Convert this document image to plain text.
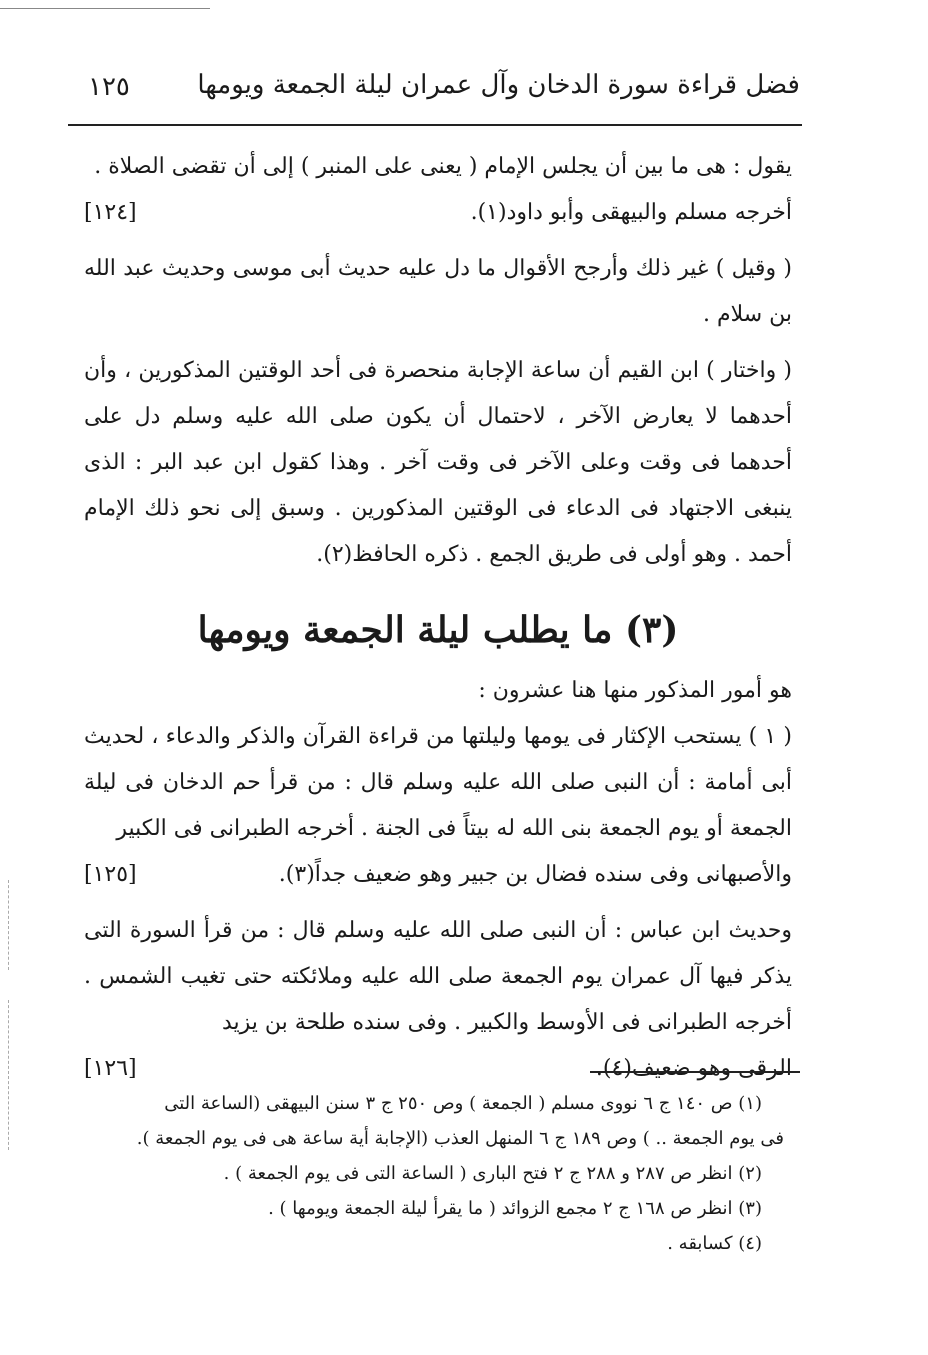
فضل قراءة سورة الدخان وآل عمران ليلة الجمعة ويومها
١٢٥

يقول : هى ما بين أن يجلس الإمام ( يعنى على المنبر ) إلى أن تقضى الصلاة .

أخرجه مسلم والبيهقى وأبو داود(١).
[١٢٤]

( وقيل ) غير ذلك وأرجح الأقوال ما دل عليه حديث أبى موسى وحديث عبد الله بن سلام .

( واختار ) ابن القيم أن ساعة الإجابة منحصرة فى أحد الوقتين المذكورين ، وأن أحدهما لا يعارض الآخر ، لاحتمال أن يكون صلى الله عليه وسلم دل على أحدهما فى وقت وعلى الآخر فى وقت آخر . وهذا كقول ابن عبد البر : الذى ينبغى الاجتهاد فى الدعاء فى الوقتين المذكورين . وسبق إلى نحو ذلك الإمام أحمد . وهو أولى فى طريق الجمع . ذكره الحافظ(٢).

(٣) ما يطلب ليلة الجمعة ويومها

هو أمور المذكور منها هنا عشرون :

( ١ ) يستحب الإكثار فى يومها وليلتها من قراءة القرآن والذكر والدعاء ، لحديث أبى أمامة : أن النبى صلى الله عليه وسلم قال : من قرأ حم الدخان فى ليلة الجمعة أو يوم الجمعة بنى الله له بيتاً فى الجنة . أخرجه الطبرانى فى الكبير

والأصبهانى وفى سنده فضال بن جبير وهو ضعيف جداً(٣).
[١٢٥]

وحديث ابن عباس : أن النبى صلى الله عليه وسلم قال : من قرأ السورة التى يذكر فيها آل عمران يوم الجمعة صلى الله عليه وملائكته حتى تغيب الشمس . أخرجه الطبرانى فى الأوسط والكبير . وفى سنده طلحة بن يزيد

الرقى وهو ضعيف(٤).
[١٢٦]

(١) ص ١٤٠ ج ٦ نووى مسلم ( الجمعة ) وص ٢٥٠ ج ٣ سنن البيهقى (الساعة التى

فى يوم الجمعة .. ) وص ١٨٩ ج ٦ المنهل العذب (الإجابة أية ساعة هى فى يوم الجمعة ).

(٢) انظر ص ٢٨٧ و ٢٨٨ ج ٢ فتح البارى ( الساعة التى فى يوم الجمعة ) .

(٣) انظر ص ١٦٨ ج ٢ مجمع الزوائد ( ما يقرأ ليلة الجمعة ويومها ) .

(٤) كسابقه .
